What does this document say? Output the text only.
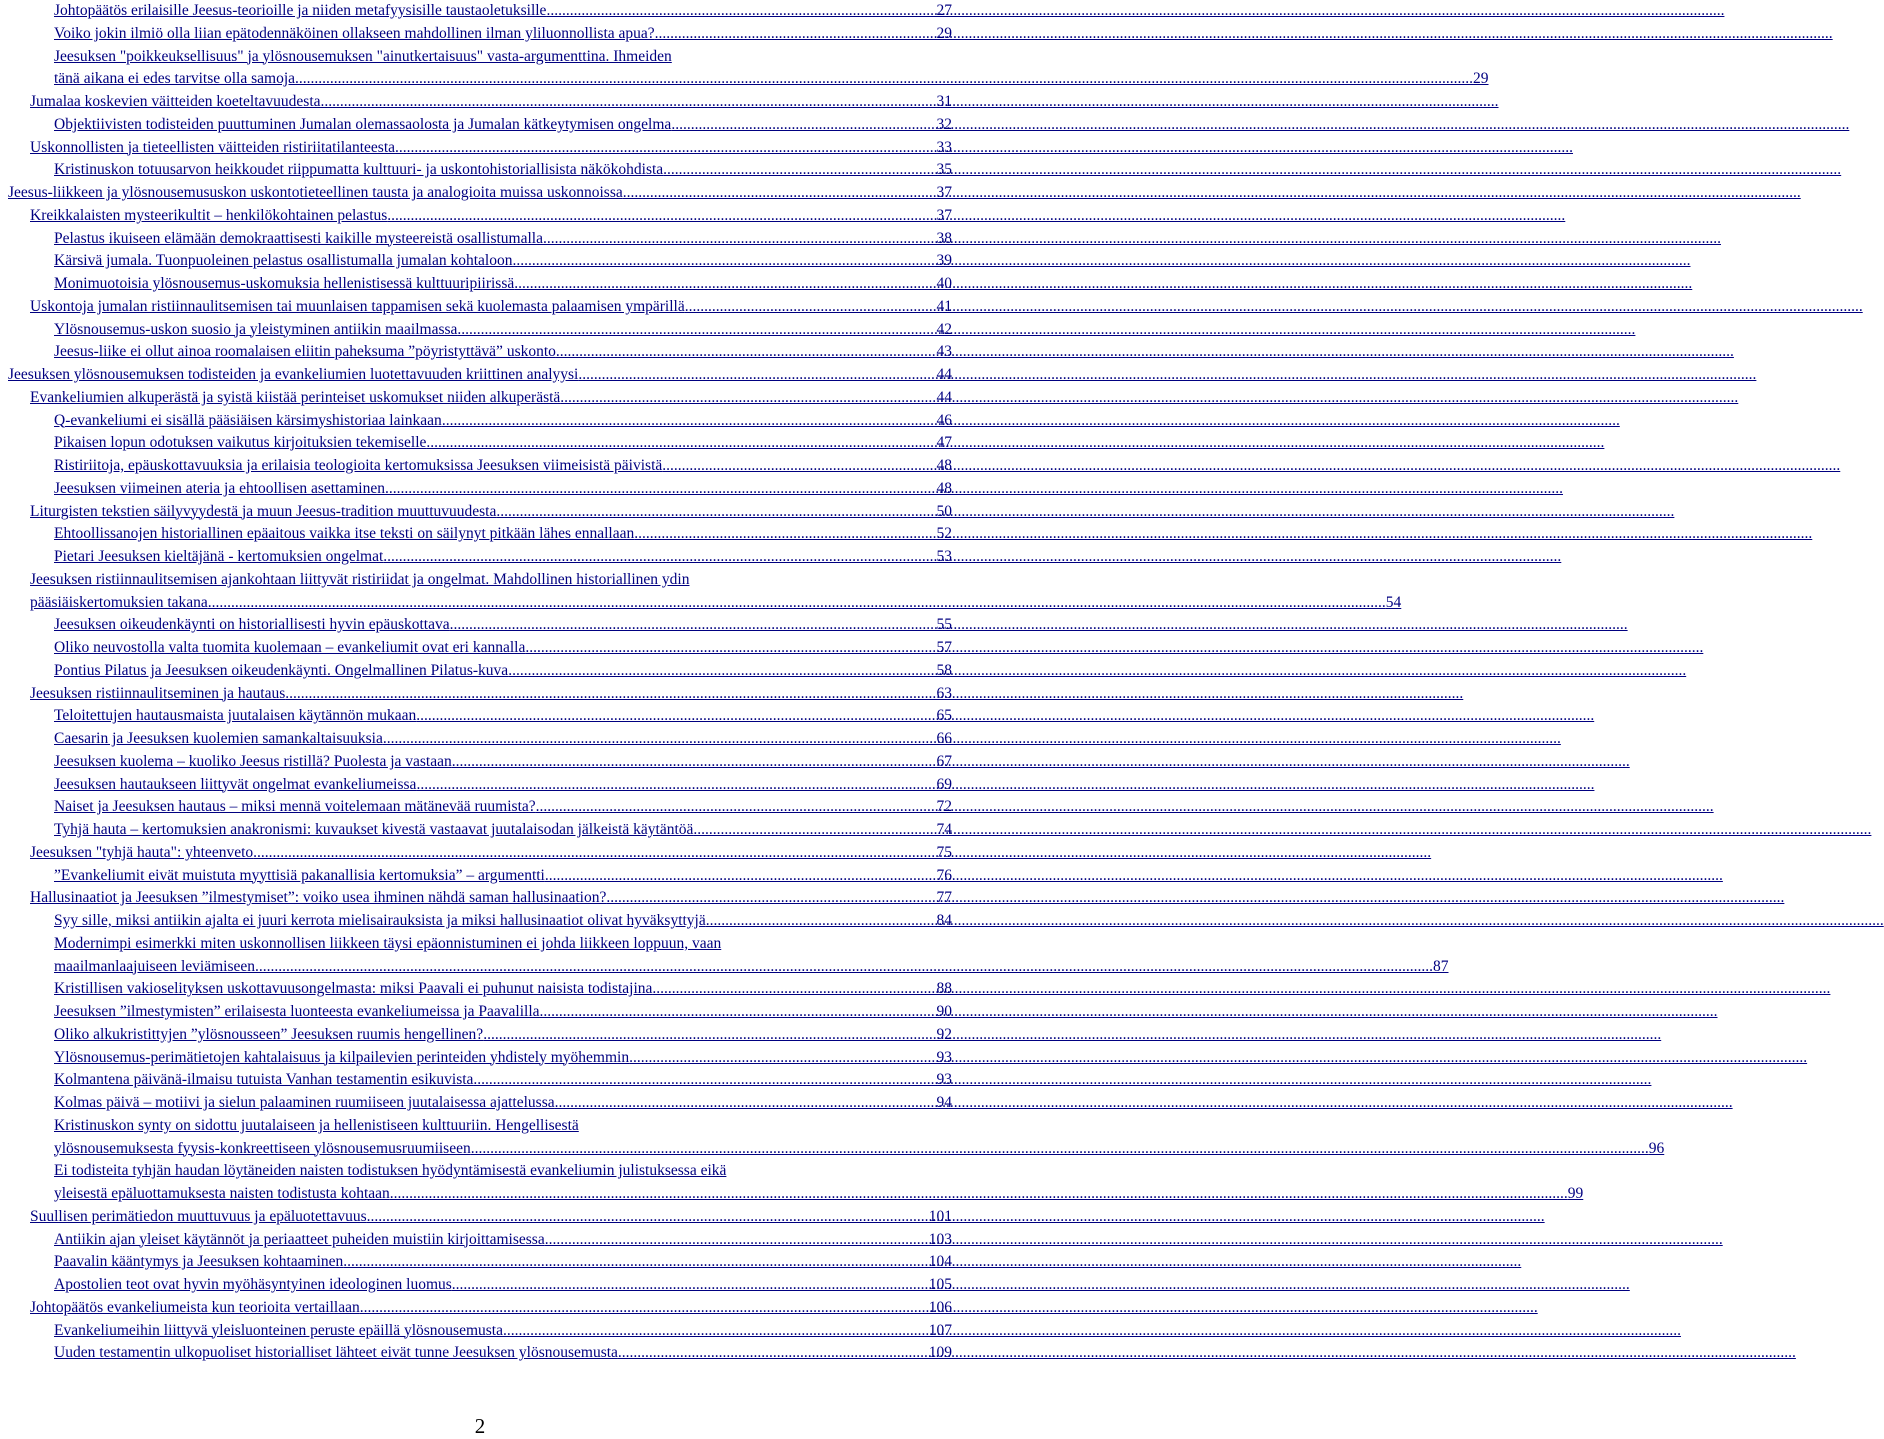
Johtopäätös erilaisille Jeesus-teorioille ja niiden metafyysisille taustaoletuksille .....	27
Voiko jokin ilmiö olla liian epätodennäköinen ollakseen mahdollinen ilman yliluonnollista apua? .....	29
Jeesuksen "poikkeuksellisuus" ja ylösnousemuksen "ainutkertaisuus" vasta-argumenttina. Ihmeiden
tänä aikana ei edes tarvitse olla samoja .....	29
Jumalaa koskevien väitteiden koeteltavuudesta .....	31
Objektiivisten todisteiden puuttuminen Jumalan olemassaolosta ja Jumalan kätkeytymisen ongelma .....	32
Uskonnollisten ja tieteellisten väitteiden ristiriitatilanteesta .....	33
Kristinuskon totuusarvon heikkoudet riippumatta kulttuuri- ja uskontohistoriallisista näkökohdista .....	35
Jeesus-liikkeen ja ylösnousemususkon uskontotieteellinen tausta ja analogioita muissa uskonnoissa .....	37
Kreikkalaisten mysteerikultit – henkilökohtainen pelastus .....	37
Pelastus ikuiseen elämään demokraattisesti kaikille mysteereistä osallistumalla .....	38
Kärsivä jumala. Tuonpuoleinen pelastus osallistumalla jumalan kohtaloon .....	39
Monimuotoisia ylösnousemus-uskomuksia hellenistisessä kulttuuripiirissä .....	40
Uskontoja jumalan ristiinnaulitsemisen tai muunlaisen tappamisen sekä kuolemasta palaamisen ympärillä .....	41
Ylösnousemus-uskon suosio ja yleistyminen antiikin maailmassa .....	42
Jeesus-liike ei ollut ainoa roomalaisen eliitin paheksuma ”pöyristyttävä” uskonto .....	43
Jeesuksen ylösnousemuksen todisteiden ja evankeliumien luotettavuuden kriittinen analyysi .....	44
Evankeliumien alkuperästä ja syistä kiistää perinteiset uskomukset niiden alkuperästä .....	44
Q-evankeliumi ei sisällä pääsiäisen kärsimyshistoriaa lainkaan .....	46
Pikaisen lopun odotuksen vaikutus kirjoituksien tekemiselle .....	47
Ristiriitoja, epäuskottavuuksia ja erilaisia teologioita kertomuksissa Jeesuksen viimeisistä päivistä .....	48
Jeesuksen viimeinen ateria ja ehtoollisen asettaminen .....	48
Liturgisten tekstien säilyvyydestä ja muun Jeesus-tradition muuttuvuudesta .....	50
Ehtoollissanojen historiallinen epäaitous vaikka itse teksti on säilynyt pitkään lähes ennallaan .....	52
Pietari Jeesuksen kieltäjänä - kertomuksien ongelmat .....	53
Jeesuksen ristiinnaulitsemisen ajankohtaan liittyvät ristiriidat ja ongelmat. Mahdollinen historiallinen ydin
pääsiäiskertomuksien takana .....	54
Jeesuksen oikeudenkäynti on historiallisesti hyvin epäuskottava .....	55
Oliko neuvostolla valta tuomita kuolemaan – evankeliumit ovat eri kannalla .....	57
Pontius Pilatus ja Jeesuksen oikeudenkäynti. Ongelmallinen Pilatus-kuva .....	58
Jeesuksen ristiinnaulitseminen ja hautaus .....	63
Teloitettujen hautausmaista juutalaisen käytännön mukaan .....	65
Caesarin ja Jeesuksen kuolemien samankaltaisuuksia .....	66
Jeesuksen kuolema – kuoliko Jeesus ristillä? Puolesta ja vastaan .....	67
Jeesuksen hautaukseen liittyvät ongelmat evankeliumeissa .....	69
Naiset ja Jeesuksen hautaus – miksi mennä voitelemaan mätänevää ruumista? .....	72
Tyhjä hauta – kertomuksien anakronismi: kuvaukset kivestä vastaavat juutalaisodan jälkeistä käytäntöä .....	74
Jeesuksen "tyhjä hauta": yhteenveto .....	75
”Evankeliumit eivät muistuta myyttisiä pakanallisia kertomuksia” – argumentti .....	76
Hallusinaatiot ja Jeesuksen ”ilmestymiset”: voiko usea ihminen nähdä saman hallusinaation? .....	77
Syy sille, miksi antiikin ajalta ei juuri kerrota mielisairauksista ja miksi hallusinaatiot olivat hyväksyttyjä .....	84
Modernimpi esimerkki miten uskonnollisen liikkeen täysi epäonnistuminen ei johda liikkeen loppuun, vaan
maailmanlaajuiseen leviämiseen .....	87
Kristillisen vakioselityksen uskottavuusongelmasta: miksi Paavali ei puhunut naisista todistajina .....	88
Jeesuksen ”ilmestymisten” erilaisesta luonteesta evankeliumeissa ja Paavalilla .....	90
Oliko alkukristittyjen ”ylösnousseen” Jeesuksen ruumis hengellinen? .....	92
Ylösnousemus-perimätietojen kahtalaisuus ja kilpailevien perinteiden yhdistely myöhemmin .....	93
Kolmantena päivänä-ilmaisu tutuista Vanhan testamentin esikuvista .....	93
Kolmas päivä – motiivi ja sielun palaaminen ruumiiseen juutalaisessa ajattelussa .....	94
Kristinuskon synty on sidottu juutalaiseen ja hellenistiseen kulttuuriin. Hengellisestä
ylösnousemuksesta fyysis-konkreettiseen ylösnousemusruumiiseen .....	96
Ei todisteita tyhjän haudan löytäneiden naisten todistuksen hyödyntämisestä evankeliumin julistuksessa eikä
yleisestä epäluottamuksesta naisten todistusta kohtaan .....	99
Suullisen perimätiedon muuttuvuus ja epäluotettavuus .....	101
Antiikin ajan yleiset käytännöt ja periaatteet puheiden muistiin kirjoittamisessa .....	103
Paavalin kääntymys ja Jeesuksen kohtaaminen .....	104
Apostolien teot ovat hyvin myöhäsyntyinen ideologinen luomus .....	105
Johtopäätös evankeliumeista kun teorioita vertaillaan .....	106
Evankeliumeihin liittyvä yleisluonteinen peruste epäillä ylösnousemusta .....	107
Uuden testamentin ulkopuoliset historialliset lähteet eivät tunne Jeesuksen ylösnousemusta .....	109
2
